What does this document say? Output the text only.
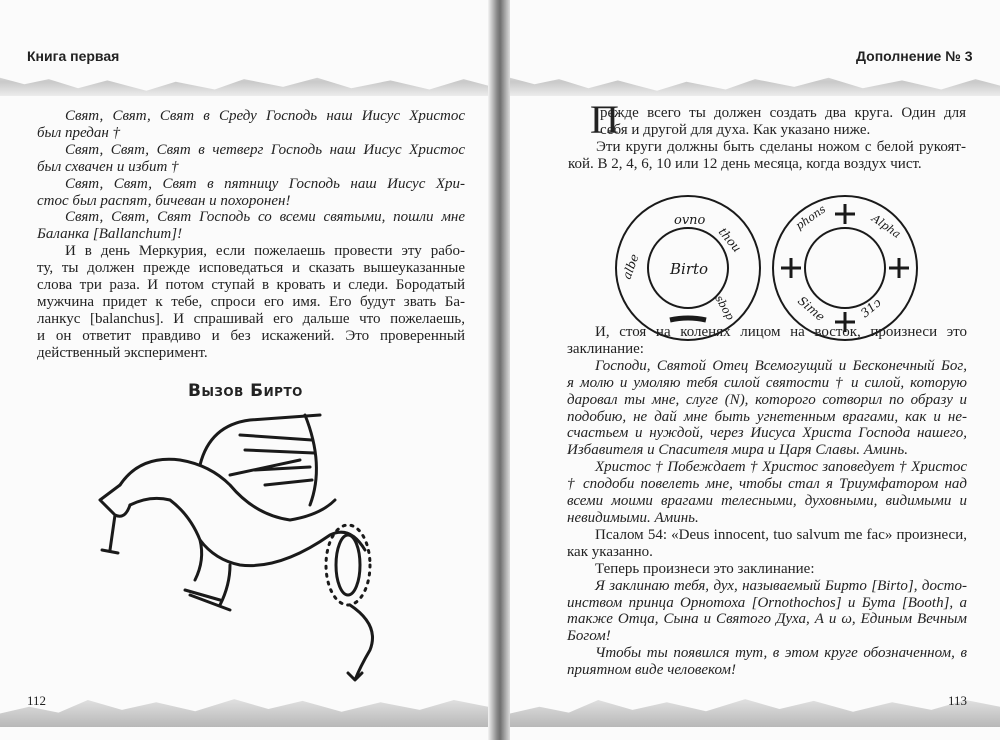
Книга первая	Дополнение № 3
Свят, Свят, Свят в Среду Господь наш Иисус Христос
был предан †
Свят, Свят, Свят в четверг Господь наш Иисус Христос
был схвачен и избит †
Свят, Свят, Свят в пятницу Господь наш Иисус Хри-
стос был распят, бичеван и похоронен!
Свят, Свят, Свят Господь со всеми святыми, пошли мне
Баланка [Ballanchum]!
И в день Меркурия, если пожелаешь провести эту рабо-
ту, ты должен прежде исповедаться и сказать вышеуказанные
слова три раза. И потом ступай в кровать и следи. Бородатый
мужчина придет к тебе, спроси его имя. Его будут звать Ба-
ланкус [balanchus]. И спрашивай его дальше что пожелаешь,
и он ответит правдиво и без искажений. Это проверенный
действенный эксперимент.
Вызов Бирто
П
режде всего ты должен создать два круга. Один для
себя и другой для духа. Как указано ниже.
Эти круги должны быть сделаны ножом с белой рукоят-
кой. В 2, 4, 6, 10 или 12 день месяца, когда воздух чист.
ovno
thou
albe
sbop
Birto
phons	Alpha
Sime	31ɔ
И, стоя на коленях лицом на восток, произнеси это
заклинание:
Господи, Святой Отец Всемогущий и Бесконечный Бог,
я молю и умоляю тебя силой святости † и силой, которую
даровал ты мне, слуге (N), которого сотворил по образу и
подобию, не дай мне быть угнетенным врагами, как и не-
счастьем и нуждой, через Иисуса Христа Господа нашего,
Избавителя и Спасителя мира и Царя Славы. Аминь.
Христос † Побеждает † Христос заповедует † Христос
† сподоби повелеть мне, чтобы стал я Триумфатором над
всеми моими врагами телесными, духовными, видимыми и
невидимыми. Аминь.
Псалом 54: «Deus innocent, tuo salvum me fac» произнеси,
как указанно.
Теперь произнеси это заклинание:
Я заклинаю тебя, дух, называемый Бирто [Birto], досто-
инством принца Орнотоха [Ornothochos] и Бута [Booth], а
также Отца, Сына и Святого Духа, А и ω, Единым Вечным
Богом!
Чтобы ты появился тут, в этом круге обозначенном, в
приятном виде человеком!
112	113
